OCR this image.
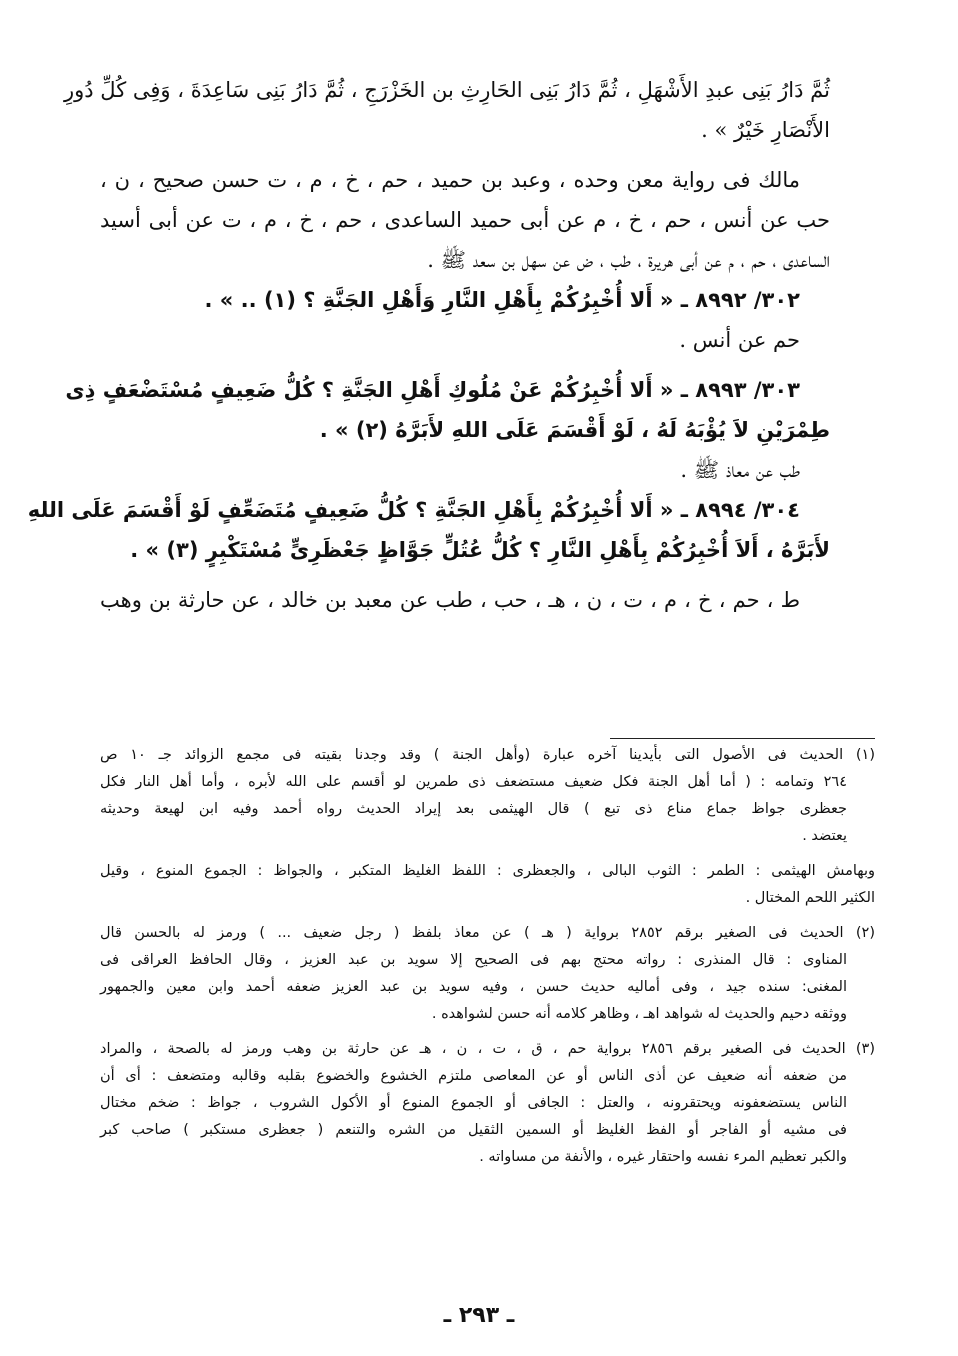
ثُمَّ دَارُ بَنِى عبدِ الأَشْهَلِ ، ثُمَّ دَارُ بَنِى الحَارِثِ بن الخَزْرَجِ ، ثُمَّ دَارُ بَنِى سَاعِدَةَ ، وَفِى كُلِّ دُورِ
الأَنْصَارِ خَيْرٌ » .
مالك فى رواية معن وحده ، وعبد بن حميد ، حم ، خ ، م ، ت حسن صحيح ، ن ،
حب عن أنس ، حم ، خ ، م عن أبى حميد الساعدى ، حم ، خ ، م ، ت عن أبى أسيد
الساعدى ، حم ، م عن أبى هريرة ، طب ، ض عن سهل بن سعد ﷺ .
٣٠٢/ ٨٩٩٢ ـ « أَلا أُخْبِرُكُمْ بِأَهْلِ النَّارِ وَأَهْلِ الجَنَّةِ ؟ (١) .. » .
حم عن أنس .
٣٠٣/ ٨٩٩٣ ـ « أَلا أُخْبِرُكُمْ عَنْ مُلُوكِ أَهْلِ الجَنَّةِ ؟ كُلُّ ضَعِيفٍ مُسْتَضْعَفٍ ذِى
طِمْرَيْنِ لاَ يُؤْبَهُ لَهُ ، لَوْ أَقْسَمَ عَلَى اللهِ لأَبَرَّهُ (٢) » .
طب عن معاذ ﷺ .
٣٠٤/ ٨٩٩٤ ـ « أَلا أُخْبِرُكُمْ بِأَهْلِ الجَنَّةِ ؟ كُلُّ ضَعِيفٍ مُتَضَعِّفٍ لَوْ أَقْسَمَ عَلَى اللهِ
لأَبَرَّهُ ، أَلاَ أُخْبِرُكُمْ بِأَهْلِ النَّارِ ؟ كُلُّ عُتُلٍّ جَوَّاظٍ جَعْظَرِىٍّ مُسْتَكْبِرٍ (٣) » .
ط ، حم ، خ ، م ، ت ، ن ، هـ ، حب ، طب عن معبد بن خالد ، عن حارثة بن وهب
(١) الحديث فى الأصول التى بأيدينا آخره عبارة (وأهل الجنة ) وقد وجدنا بقيته فى مجمع الزوائد جـ ١٠ ص
٢٦٤ وتمامه : ( أما أهل الجنة فكل ضعيف مستضعف ذى طمرين لو أقسم على الله لأبره ، وأما أهل النار فكل
جعظرى جواظ جماع مناع ذى تبع ) قال الهيثمى بعد إيراد الحديث رواه أحمد وفيه ابن لهيعة وحديثه
يعتضد .
وبهامش الهيثمى : الطمر : الثوب البالى ، والجعظرى : اللفظ الغليظ المتكبر ، والجواظ : الجموع المنوع ، وقيل
الكثير اللحم المختال .
(٢) الحديث فى الصغير برقم ٢٨٥٢ برواية ( هـ ) عن معاذ بلفظ ( رجل ضعيف ... ) ورمز له بالحسن قال
المناوى : قال المنذرى : رواته محتج بهم فى الصحيح إلا سويد بن عبد العزيز ، وقال الحافظ العراقى فى
المغنى: سنده جيد ، وفى أماليه حديث حسن ، وفيه سويد بن عبد العزيز ضعفه أحمد وابن معين والجمهور
ووثقه دحيم والحديث له شواهد اهـ ، وظاهر كلامه أنه حسن لشواهده .
(٣) الحديث فى الصغير برقم ٢٨٥٦ برواية حم ، ق ، ت ، ن ، هـ عن حارثة بن وهب ورمز له بالصحة ، والمراد
من ضعفه أنه ضعيف عن أذى الناس أو عن المعاصى ملتزم الخشوع والخضوع بقلبه وقالبه ومتضعف : أى أن
الناس يستضعفونه ويحتقرونه ، والعتل : الجافى أو الجموع المنوع أو الأكول الشروب ، جواظ : ضخم مختال
فى مشيه أو الفاجر أو الفظ الغليظ أو السمين الثقيل من الشره والتنعم ( جعظرى مستكبر ) صاحب كبر
والكبر تعظيم المرء نفسه واحتقار غيره ، والأنفة من مساواته .
ـ ٢٩٣ ـ
